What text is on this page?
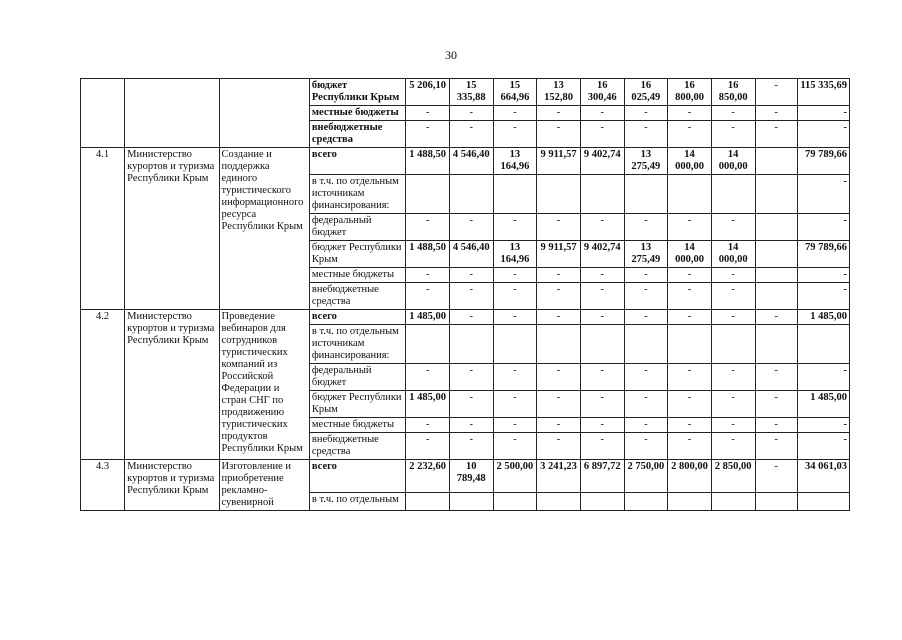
30
			бюджет Республики Крым	5 206,10	15 335,88	15 664,96	13 152,80	16 300,46	16 025,49	16 800,00	16 850,00	-	115 335,69
			местные бюджеты	-	-	-	-	-	-	-	-	-	-
			внебюджетные средства	-	-	-	-	-	-	-	-	-	-
4.1	Министерство курортов и туризма Республики Крым	Создание и поддержка единого туристического информационного ресурса Республики Крым	всего	1 488,50	4 546,40	13 164,96	9 911,57	9 402,74	13 275,49	14 000,00	14 000,00		79 789,66
			в т.ч. по отдельным источникам финансирования:										-
			федеральный бюджет	-	-	-	-	-	-	-	-		-
			бюджет Республики Крым	1 488,50	4 546,40	13 164,96	9 911,57	9 402,74	13 275,49	14 000,00	14 000,00		79 789,66
			местные бюджеты	-	-	-	-	-	-	-	-		-
			внебюджетные средства	-	-	-	-	-	-	-	-		-
4.2	Министерство курортов и туризма Республики Крым	Проведение вебинаров для сотрудников туристических компаний из Российской Федерации и стран СНГ по продвижению туристических продуктов Республики Крым	всего	1 485,00	-	-	-	-	-	-	-	-	1 485,00
			в т.ч. по отдельным источникам финансирования:										
			федеральный бюджет	-	-	-	-	-	-	-	-	-	-
			бюджет Республики Крым	1 485,00	-	-	-	-	-	-	-	-	1 485,00
			местные бюджеты	-	-	-	-	-	-	-	-	-	-
			внебюджетные средства	-	-	-	-	-	-	-	-	-	-
4.3	Министерство курортов и туризма Республики Крым	Изготовление и приобретение рекламно-сувенирной	всего	2 232,60	10 789,48	2 500,00	3 241,23	6 897,72	2 750,00	2 800,00	2 850,00	-	34 061,03
			в т.ч. по отдельным										
